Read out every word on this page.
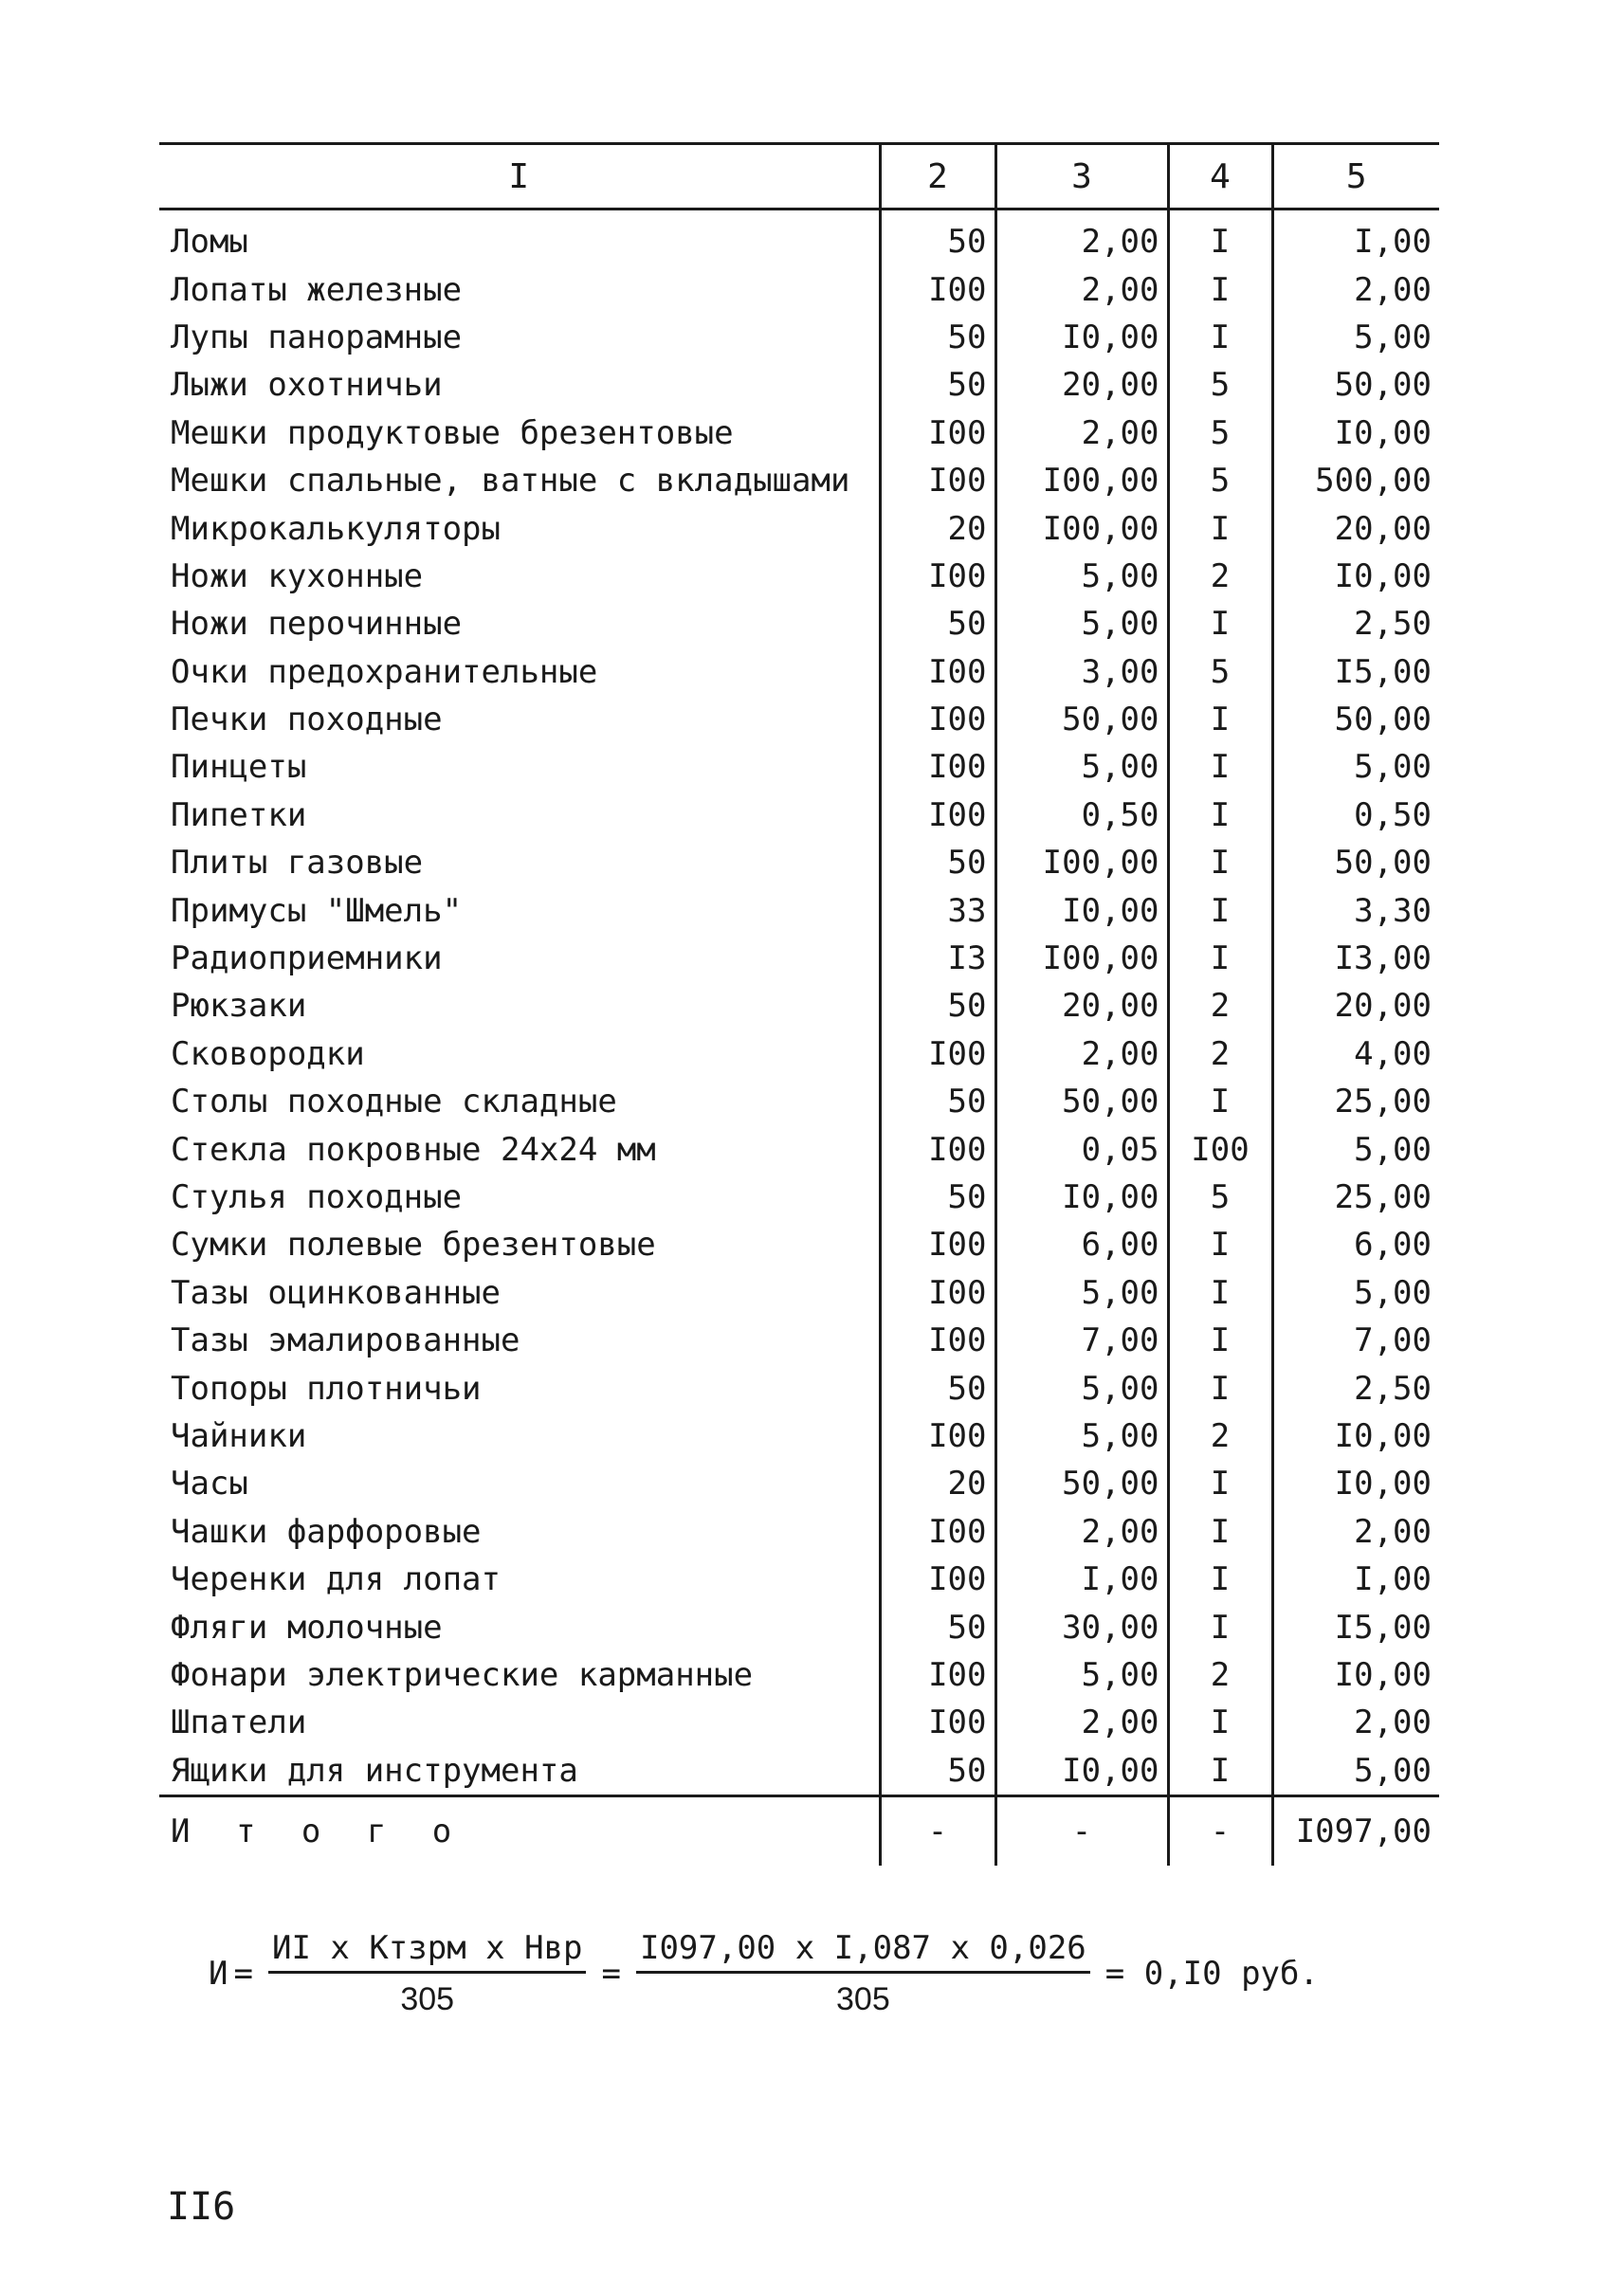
I	2	3	4	5
Ломы	50	2,00	I	I,00
Лопаты железные	I00	2,00	I	2,00
Лупы панорамные	50	I0,00	I	5,00
Лыжи охотничьи	50	20,00	5	50,00
Мешки продуктовые брезентовые	I00	2,00	5	I0,00
Мешки спальные, ватные с вкладышами	I00	I00,00	5	500,00
Микрокалькуляторы	20	I00,00	I	20,00
Ножи кухонные	I00	5,00	2	I0,00
Ножи перочинные	50	5,00	I	2,50
Очки предохранительные	I00	3,00	5	I5,00
Печки походные	I00	50,00	I	50,00
Пинцеты	I00	5,00	I	5,00
Пипетки	I00	0,50	I	0,50
Плиты газовые	50	I00,00	I	50,00
Примусы "Шмель"	33	I0,00	I	3,30
Радиоприемники	I3	I00,00	I	I3,00
Рюкзаки	50	20,00	2	20,00
Сковородки	I00	2,00	2	4,00
Столы походные складные	50	50,00	I	25,00
Стекла покровные 24х24 мм	I00	0,05	I00	5,00
Стулья походные	50	I0,00	5	25,00
Сумки полевые брезентовые	I00	6,00	I	6,00
Тазы оцинкованные	I00	5,00	I	5,00
Тазы эмалированные	I00	7,00	I	7,00
Топоры плотничьи	50	5,00	I	2,50
Чайники	I00	5,00	2	I0,00
Часы	20	50,00	I	I0,00
Чашки фарфоровые	I00	2,00	I	2,00
Черенки для лопат	I00	I,00	I	I,00
Фляги молочные	50	30,00	I	I5,00
Фонари электрические карманные	I00	5,00	2	I0,00
Шпатели	I00	2,00	I	2,00
Ящики для инструмента	50	I0,00	I	5,00
И т о г о	-	-	-	I097,00
$И = \frac{\text{ИI х Ктзрм х Нвр}}{305} = \frac{\text{I097,00 х I,087 х 0,026}}{305} = 0,I0$ руб.
II6
